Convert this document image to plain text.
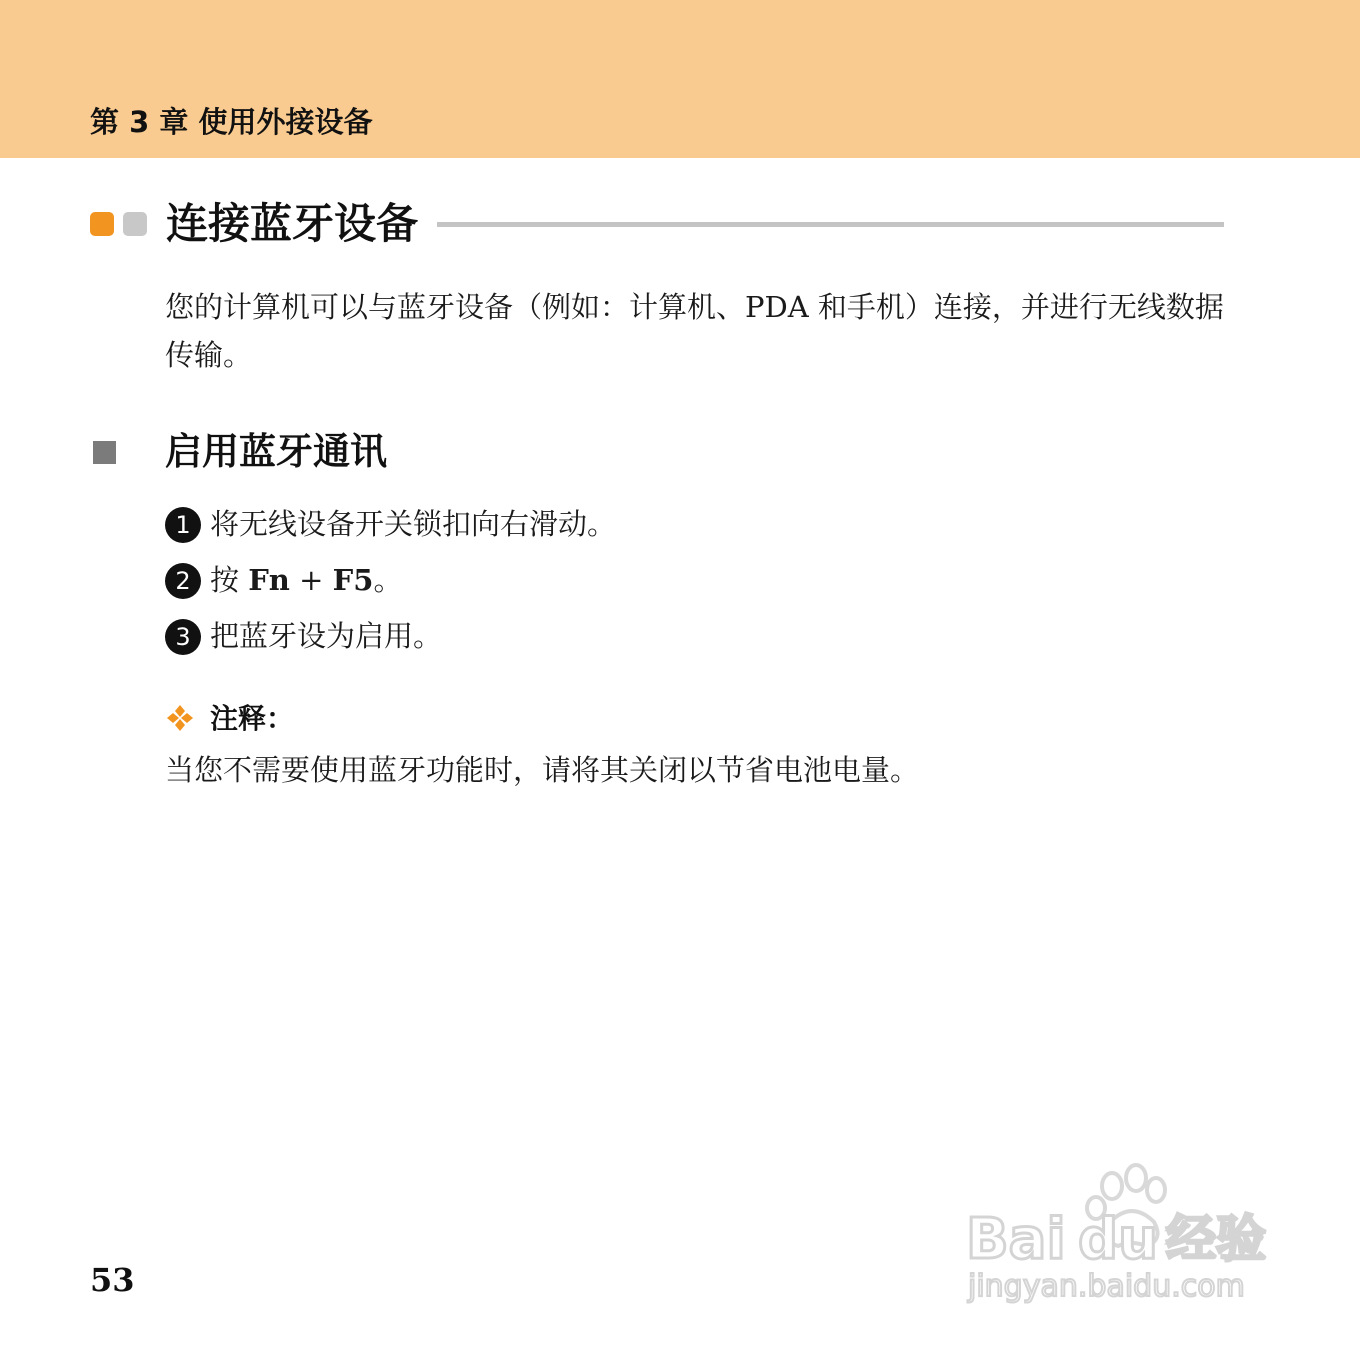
第 3 章 使用外接设备
连接蓝牙设备
您的计算机可以与蓝牙设备（例如：计算机、PDA 和手机）连接，并进行无线数据传输。
启用蓝牙通讯
1 将无线设备开关锁扣向右滑动。
2 按 Fn + F5。
3 把蓝牙设为启用。
注释：
当您不需要使用蓝牙功能时，请将其关闭以节省电池电量。
53
Bai du 经验
jingyan.baidu.com
